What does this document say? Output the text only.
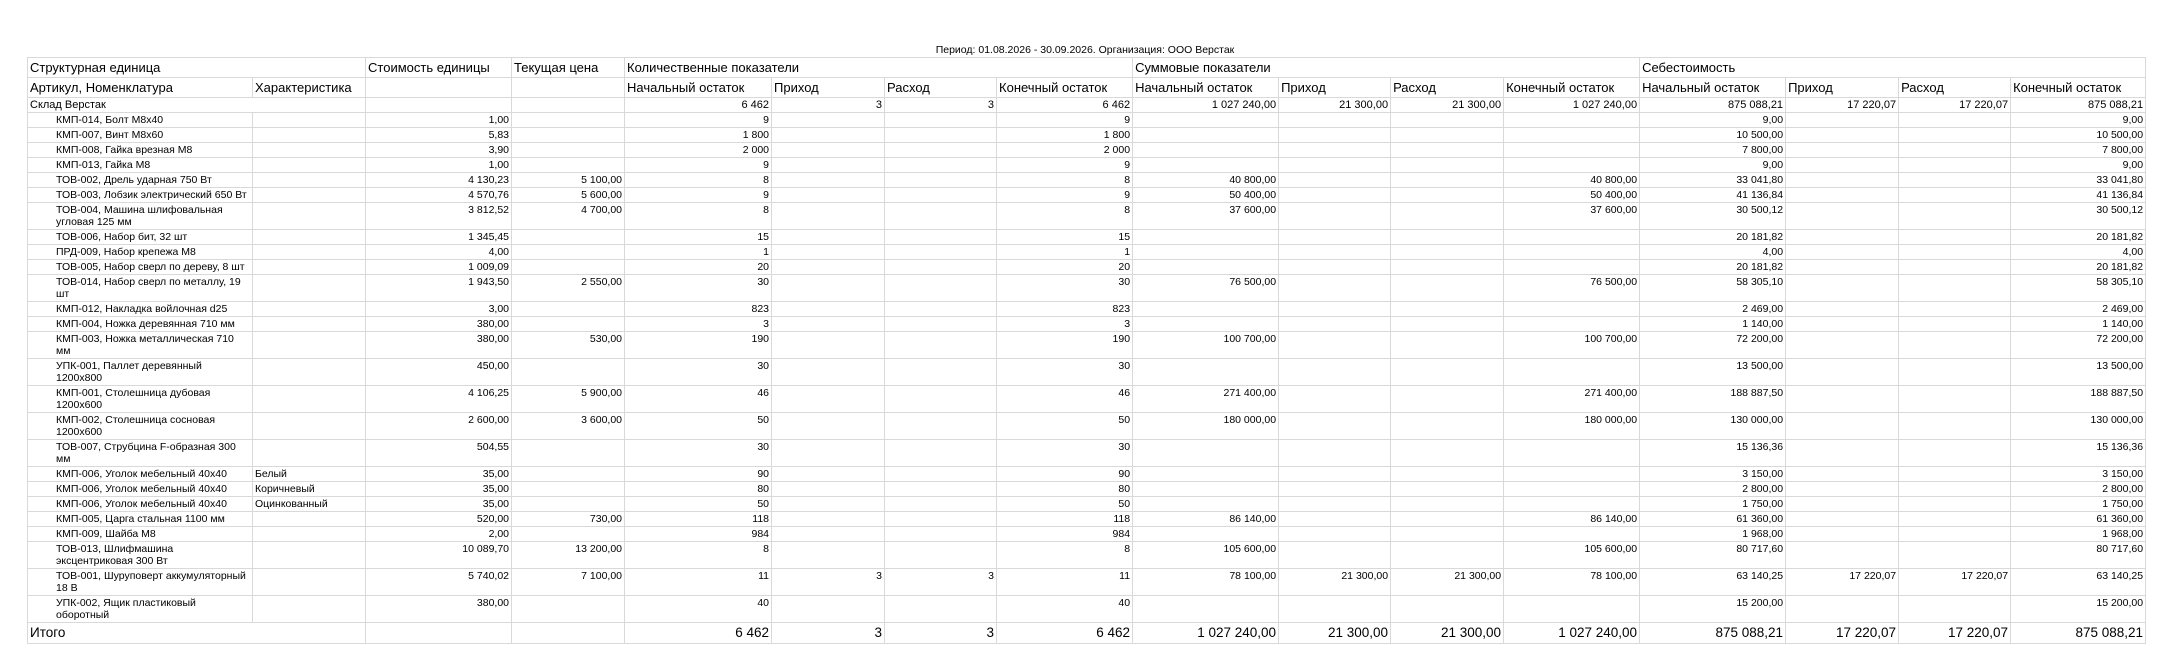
Период: 01.08.2026 - 30.09.2026. Организация: ООО Верстак
Структурная единица		Стоимость единицы	Текущая цена	Количественные показатели				Суммовые показатели				Себестоимость			
Артикул, Номенклатура	Характеристика			Начальный остаток	Приход	Расход	Конечный остаток	Начальный остаток	Приход	Расход	Конечный остаток	Начальный остаток	Приход	Расход	Конечный остаток
Склад Верстак				6 462	3	3	6 462	1 027 240,00	21 300,00	21 300,00	1 027 240,00	875 088,21	17 220,07	17 220,07	875 088,21
КМП-014, Болт М8х40		1,00		9			9					9,00			9,00
КМП-007, Винт М8х60		5,83		1 800			1 800					10 500,00			10 500,00
КМП-008, Гайка врезная М8		3,90		2 000			2 000					7 800,00			7 800,00
КМП-013, Гайка М8		1,00		9			9					9,00			9,00
ТОВ-002, Дрель ударная 750 Вт		4 130,23	5 100,00	8			8	40 800,00			40 800,00	33 041,80			33 041,80
ТОВ-003, Лобзик электрический 650 Вт		4 570,76	5 600,00	9			9	50 400,00			50 400,00	41 136,84			41 136,84
ТОВ-004, Машина шлифовальная угловая 125 мм		3 812,52	4 700,00	8			8	37 600,00			37 600,00	30 500,12			30 500,12
ТОВ-006, Набор бит, 32 шт		1 345,45		15			15					20 181,82			20 181,82
ПРД-009, Набор крепежа М8		4,00		1			1					4,00			4,00
ТОВ-005, Набор сверл по дереву, 8 шт		1 009,09		20			20					20 181,82			20 181,82
ТОВ-014, Набор сверл по металлу, 19 шт		1 943,50	2 550,00	30			30	76 500,00			76 500,00	58 305,10			58 305,10
КМП-012, Накладка войлочная d25		3,00		823			823					2 469,00			2 469,00
КМП-004, Ножка деревянная 710 мм		380,00		3			3					1 140,00			1 140,00
КМП-003, Ножка металлическая 710 мм		380,00	530,00	190			190	100 700,00			100 700,00	72 200,00			72 200,00
УПК-001, Паллет деревянный 1200х800		450,00		30			30					13 500,00			13 500,00
КМП-001, Столешница дубовая 1200х600		4 106,25	5 900,00	46			46	271 400,00			271 400,00	188 887,50			188 887,50
КМП-002, Столешница сосновая 1200х600		2 600,00	3 600,00	50			50	180 000,00			180 000,00	130 000,00			130 000,00
ТОВ-007, Струбцина F-образная 300 мм		504,55		30			30					15 136,36			15 136,36
КМП-006, Уголок мебельный 40х40	Белый	35,00		90			90					3 150,00			3 150,00
КМП-006, Уголок мебельный 40х40	Коричневый	35,00		80			80					2 800,00			2 800,00
КМП-006, Уголок мебельный 40х40	Оцинкованный	35,00		50			50					1 750,00			1 750,00
КМП-005, Царга стальная 1100 мм		520,00	730,00	118			118	86 140,00			86 140,00	61 360,00			61 360,00
КМП-009, Шайба М8		2,00		984			984					1 968,00			1 968,00
ТОВ-013, Шлифмашина эксцентриковая 300 Вт		10 089,70	13 200,00	8			8	105 600,00			105 600,00	80 717,60			80 717,60
ТОВ-001, Шуруповерт аккумуляторный 18 В		5 740,02	7 100,00	11	3	3	11	78 100,00	21 300,00	21 300,00	78 100,00	63 140,25	17 220,07	17 220,07	63 140,25
УПК-002, Ящик пластиковый оборотный		380,00		40			40					15 200,00			15 200,00
Итого				6 462	3	3	6 462	1 027 240,00	21 300,00	21 300,00	1 027 240,00	875 088,21	17 220,07	17 220,07	875 088,21
